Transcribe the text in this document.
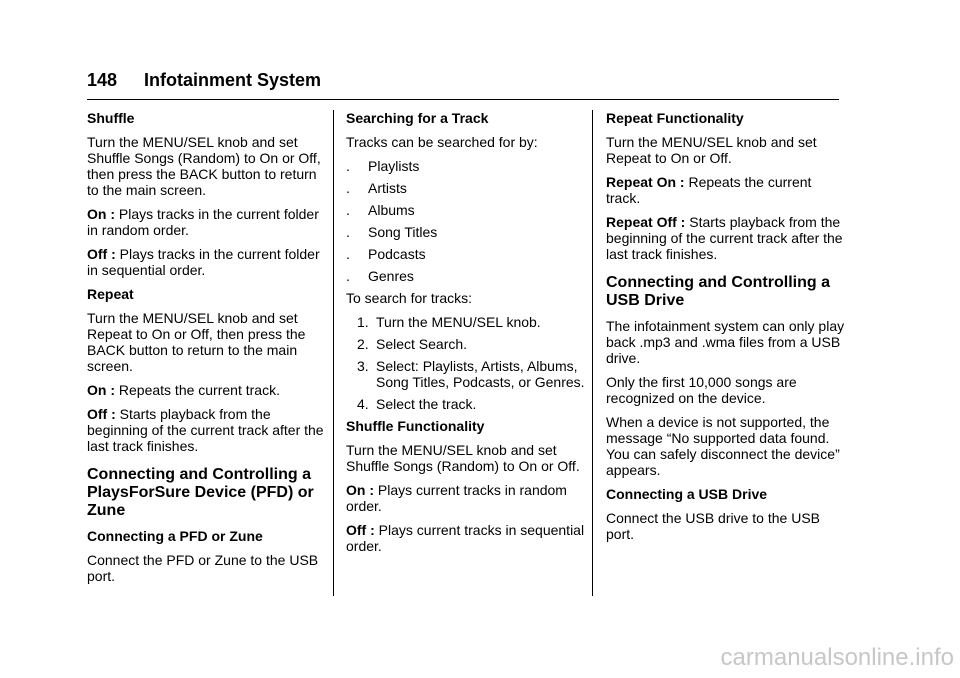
148 Infotainment System

Shuffle

Turn the MENU/SEL knob and set Shuffle Songs (Random) to On or Off, then press the BACK button to return to the main screen.

On : Plays tracks in the current folder in random order.

Off : Plays tracks in the current folder in sequential order.

Repeat

Turn the MENU/SEL knob and set Repeat to On or Off, then press the BACK button to return to the main screen.

On : Repeats the current track.

Off : Starts playback from the beginning of the current track after the last track finishes.

Connecting and Controlling a PlaysForSure Device (PFD) or Zune

Connecting a PFD or Zune

Connect the PFD or Zune to the USB port.

Searching for a Track

Tracks can be searched for by:

. Playlists
. Artists
. Albums
. Song Titles
. Podcasts
. Genres

To search for tracks:

1. Turn the MENU/SEL knob.
2. Select Search.
3. Select: Playlists, Artists, Albums, Song Titles, Podcasts, or Genres.
4. Select the track.

Shuffle Functionality

Turn the MENU/SEL knob and set Shuffle Songs (Random) to On or Off.

On : Plays current tracks in random order.

Off : Plays current tracks in sequential order.

Repeat Functionality

Turn the MENU/SEL knob and set Repeat to On or Off.

Repeat On : Repeats the current track.

Repeat Off : Starts playback from the beginning of the current track after the last track finishes.

Connecting and Controlling a USB Drive

The infotainment system can only play back .mp3 and .wma files from a USB drive.

Only the first 10,000 songs are recognized on the device.

When a device is not supported, the message “No supported data found. You can safely disconnect the device” appears.

Connecting a USB Drive

Connect the USB drive to the USB port.

carmanualsonline.info
